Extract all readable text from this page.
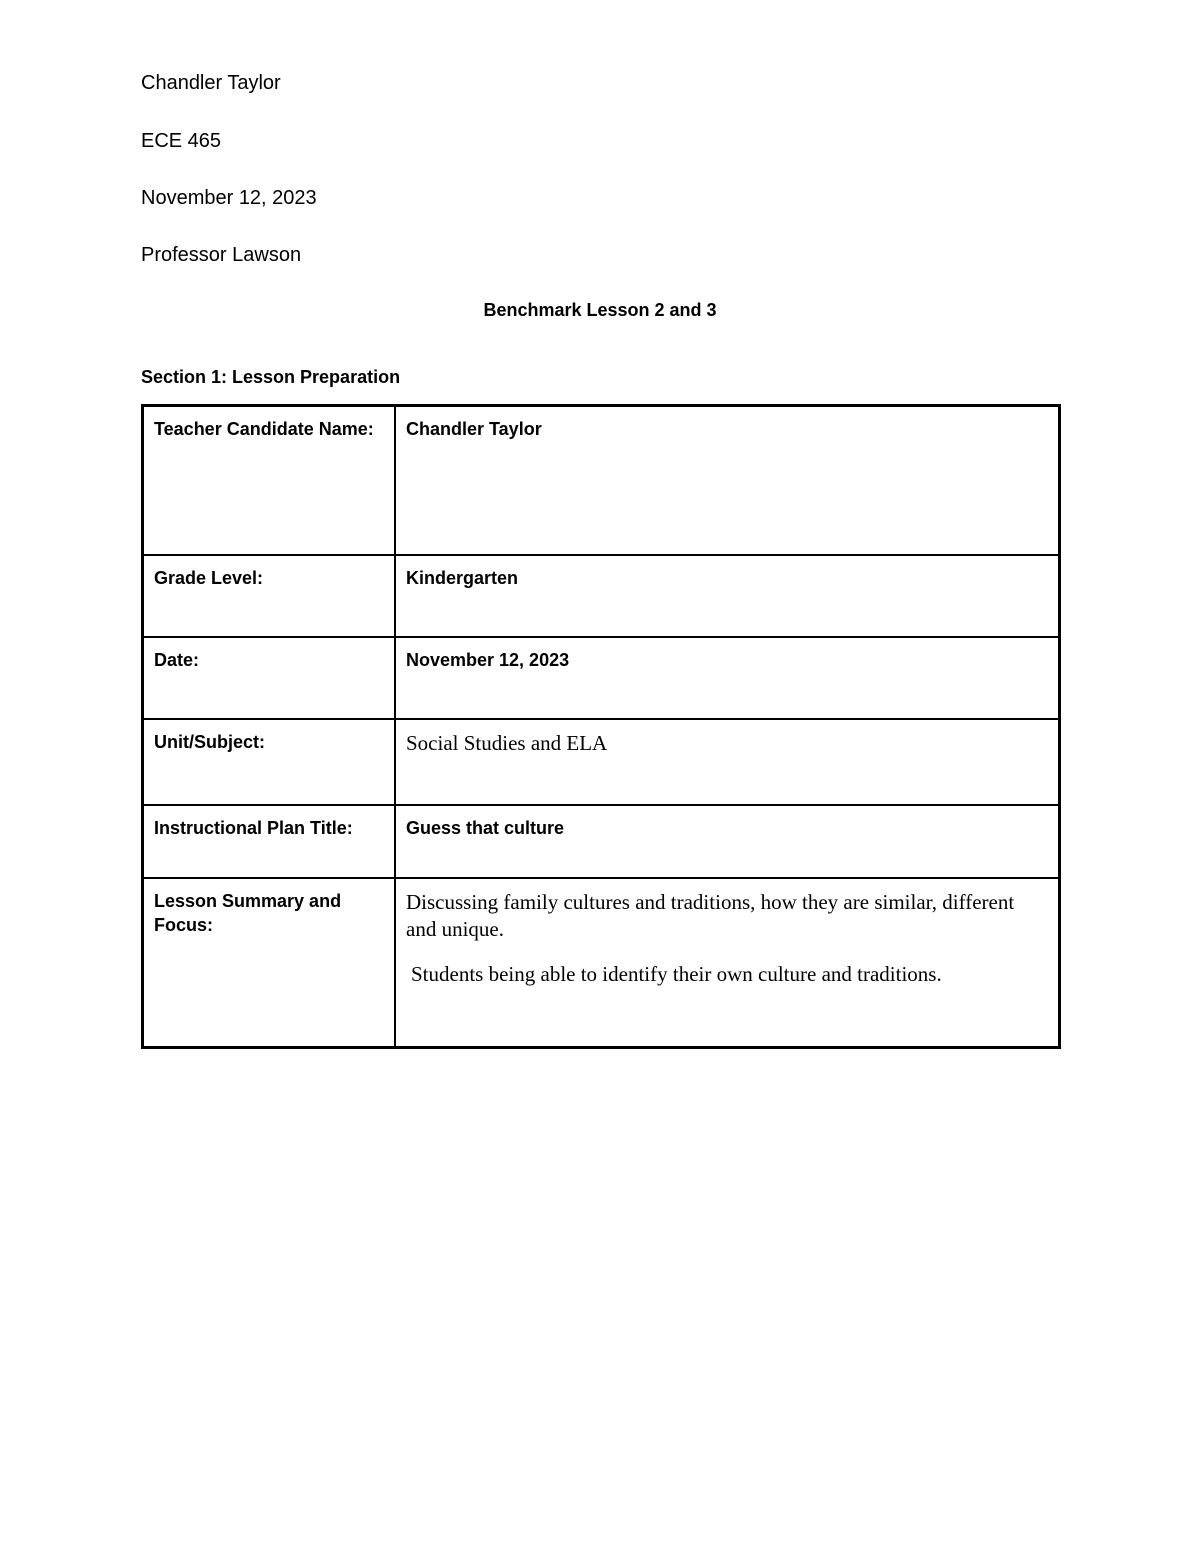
Chandler Taylor
ECE 465
November 12, 2023
Professor Lawson
Benchmark Lesson 2 and 3
Section 1: Lesson Preparation
Teacher Candidate Name:	Chandler Taylor
Grade Level:	Kindergarten
Date:	November 12, 2023
Unit/Subject:	Social Studies and ELA
Instructional Plan Title:	Guess that culture
Lesson Summary and Focus:	Discussing family cultures and traditions, how they are similar, different and unique.
Students being able to identify their own culture and traditions.
